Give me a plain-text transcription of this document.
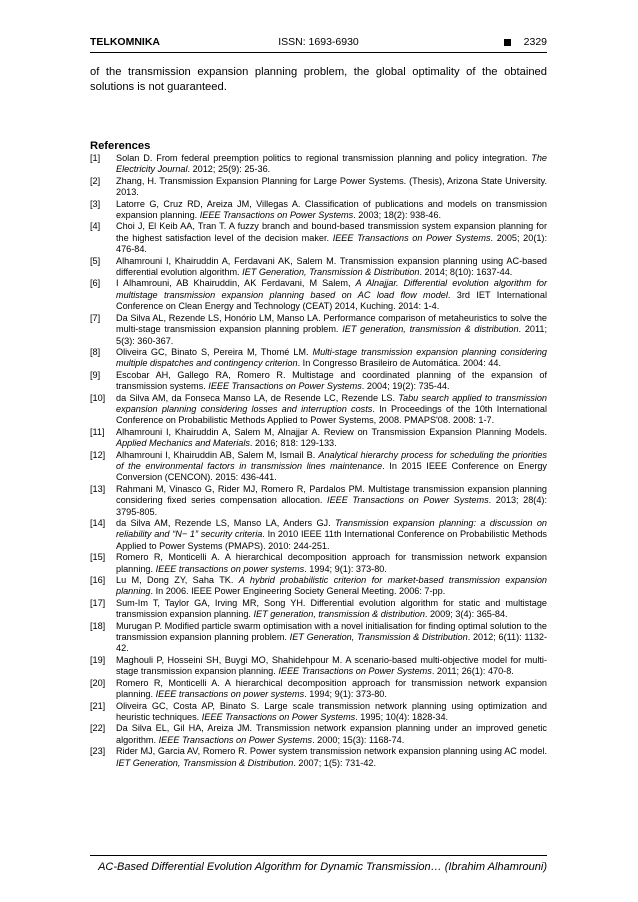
TELKOMNIKA	ISSN: 1693-6930	2329
of the transmission expansion planning problem, the global optimality of the obtained solutions is not guaranteed.
References
[1]	Solan D. From federal preemption politics to regional transmission planning and policy integration. The Electricity Journal. 2012; 25(9): 25-36.
[2]	Zhang, H. Transmission Expansion Planning for Large Power Systems. (Thesis), Arizona State University. 2013.
[3]	Latorre G, Cruz RD, Areiza JM, Villegas A. Classification of publications and models on transmission expansion planning. IEEE Transactions on Power Systems. 2003; 18(2): 938-46.
[4]	Choi J, El Keib AA, Tran T. A fuzzy branch and bound-based transmission system expansion planning for the highest satisfaction level of the decision maker. IEEE Transactions on Power Systems. 2005; 20(1): 476-84.
[5]	Alhamrouni I, Khairuddin A, Ferdavani AK, Salem M. Transmission expansion planning using AC-based differential evolution algorithm. IET Generation, Transmission & Distribution. 2014; 8(10): 1637-44.
[6]	I Alhamrouni, AB Khairuddin, AK Ferdavani, M Salem, A Alnajjar. Differential evolution algorithm for multistage transmission expansion planning based on AC load flow model. 3rd IET International Conference on Clean Energy and Technology (CEAT) 2014, Kuching. 2014: 1-4.
[7]	Da Silva AL, Rezende LS, Honório LM, Manso LA. Performance comparison of metaheuristics to solve the multi-stage transmission expansion planning problem. IET generation, transmission & distribution. 2011; 5(3): 360-367.
[8]	Oliveira GC, Binato S, Pereira M, Thomé LM. Multi-stage transmission expansion planning considering multiple dispatches and contingency criterion. In Congresso Brasileiro de Automática. 2004: 44.
[9]	Escobar AH, Gallego RA, Romero R. Multistage and coordinated planning of the expansion of transmission systems. IEEE Transactions on Power Systems. 2004; 19(2): 735-44.
[10]	da Silva AM, da Fonseca Manso LA, de Resende LC, Rezende LS. Tabu search applied to transmission expansion planning considering losses and interruption costs. In Proceedings of the 10th International Conference on Probabilistic Methods Applied to Power Systems, 2008. PMAPS'08. 2008: 1-7.
[11]	Alhamrouni I, Khairuddin A, Salem M, Alnajjar A. Review on Transmission Expansion Planning Models. Applied Mechanics and Materials. 2016; 818: 129-133.
[12]	Alhamrouni I, Khairuddin AB, Salem M, Ismail B. Analytical hierarchy process for scheduling the priorities of the environmental factors in transmission lines maintenance. In 2015 IEEE Conference on Energy Conversion (CENCON). 2015: 436-441.
[13]	Rahmani M, Vinasco G, Rider MJ, Romero R, Pardalos PM. Multistage transmission expansion planning considering fixed series compensation allocation. IEEE Transactions on Power Systems. 2013; 28(4): 3795-805.
[14]	da Silva AM, Rezende LS, Manso LA, Anders GJ. Transmission expansion planning: a discussion on reliability and “N− 1” security criteria. In 2010 IEEE 11th International Conference on Probabilistic Methods Applied to Power Systems (PMAPS). 2010: 244-251.
[15]	Romero R, Monticelli A. A hierarchical decomposition approach for transmission network expansion planning. IEEE transactions on power systems. 1994; 9(1): 373-80.
[16]	Lu M, Dong ZY, Saha TK. A hybrid probabilistic criterion for market-based transmission expansion planning. In 2006. IEEE Power Engineering Society General Meeting. 2006: 7-pp.
[17]	Sum-Im T, Taylor GA, Irving MR, Song YH. Differential evolution algorithm for static and multistage transmission expansion planning. IET generation, transmission & distribution. 2009; 3(4): 365-84.
[18]	Murugan P. Modified particle swarm optimisation with a novel initialisation for finding optimal solution to the transmission expansion planning problem. IET Generation, Transmission & Distribution. 2012; 6(11): 1132-42.
[19]	Maghouli P, Hosseini SH, Buygi MO, Shahidehpour M. A scenario-based multi-objective model for multi-stage transmission expansion planning. IEEE Transactions on Power Systems. 2011; 26(1): 470-8.
[20]	Romero R, Monticelli A. A hierarchical decomposition approach for transmission network expansion planning. IEEE transactions on power systems. 1994; 9(1): 373-80.
[21]	Oliveira GC, Costa AP, Binato S. Large scale transmission network planning using optimization and heuristic techniques. IEEE Transactions on Power Systems. 1995; 10(4): 1828-34.
[22]	Da Silva EL, Gil HA, Areiza JM. Transmission network expansion planning under an improved genetic algorithm. IEEE Transactions on Power Systems. 2000; 15(3): 1168-74.
[23]	Rider MJ, Garcia AV, Romero R. Power system transmission network expansion planning using AC model. IET Generation, Transmission & Distribution. 2007; 1(5): 731-42.
AC-Based Differential Evolution Algorithm for Dynamic Transmission… (Ibrahim Alhamrouni)
